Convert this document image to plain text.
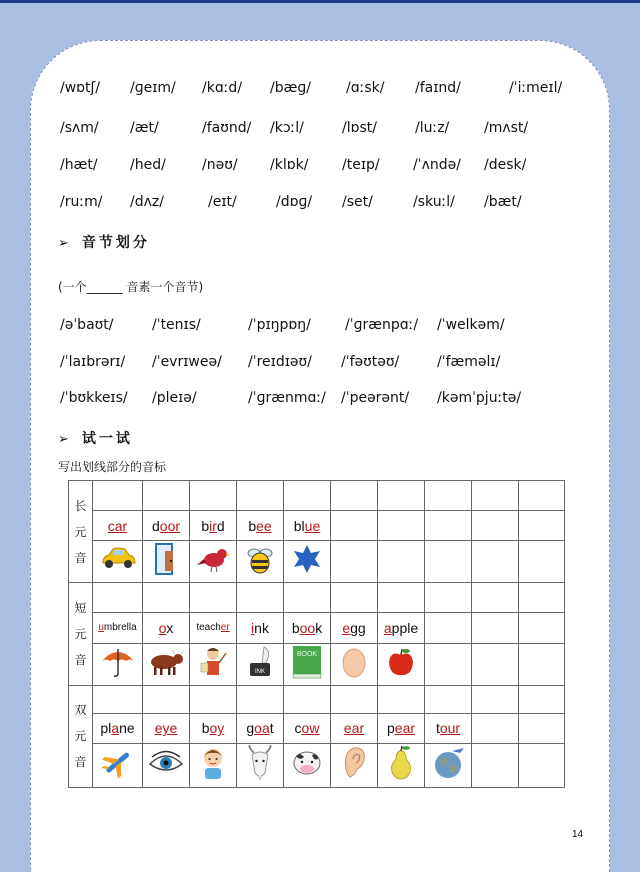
/wɒtʃ/ /ɡeɪm/ /kɑːd/ /bæɡ/	/ɑːsk/ /faɪnd/	/ˈiːmeɪl/
/sʌm/ /æt/	/faʊnd/ /kɔːl/	/lɒst/	/luːz/ /mʌst/
/hæt/ /hed/	/nəʊ/ /klɒk/ /teɪp/ /ˈʌndə/ /desk/
/ruːm/ /dʌz/	/eɪt/	/dɒɡ/ /set/	/skuːl/ /bæt/
➢ 音节划分
(一个______ 音素一个音节)
/əˈbaʊt/	/ˈtenɪs/	/ˈpɪŋpɒŋ/ /ˈɡrænpɑː/ /ˈwelkəm/
/ˈlaɪbrərɪ/ /ˈevrɪweə/ /ˈreɪdɪəʊ/ /ˈfəʊtəʊ/	/ˈfæməlɪ/
/ˈbʊkkeɪs/ /pleɪə/	/ˈɡrænmɑː/ /ˈpeərənt/ /kəmˈpjuːtə/
➢ 试一试
写出划线部分的音标
长
元
音										
	car	door	bird	bee	blue					

短
元
音										
	umbrella	ox	teacher	ink	book	egg	apple			

INK	BOOK

双
元
音										
	plane	eye	boy	goat	cow	ear	pear	tour		

14
